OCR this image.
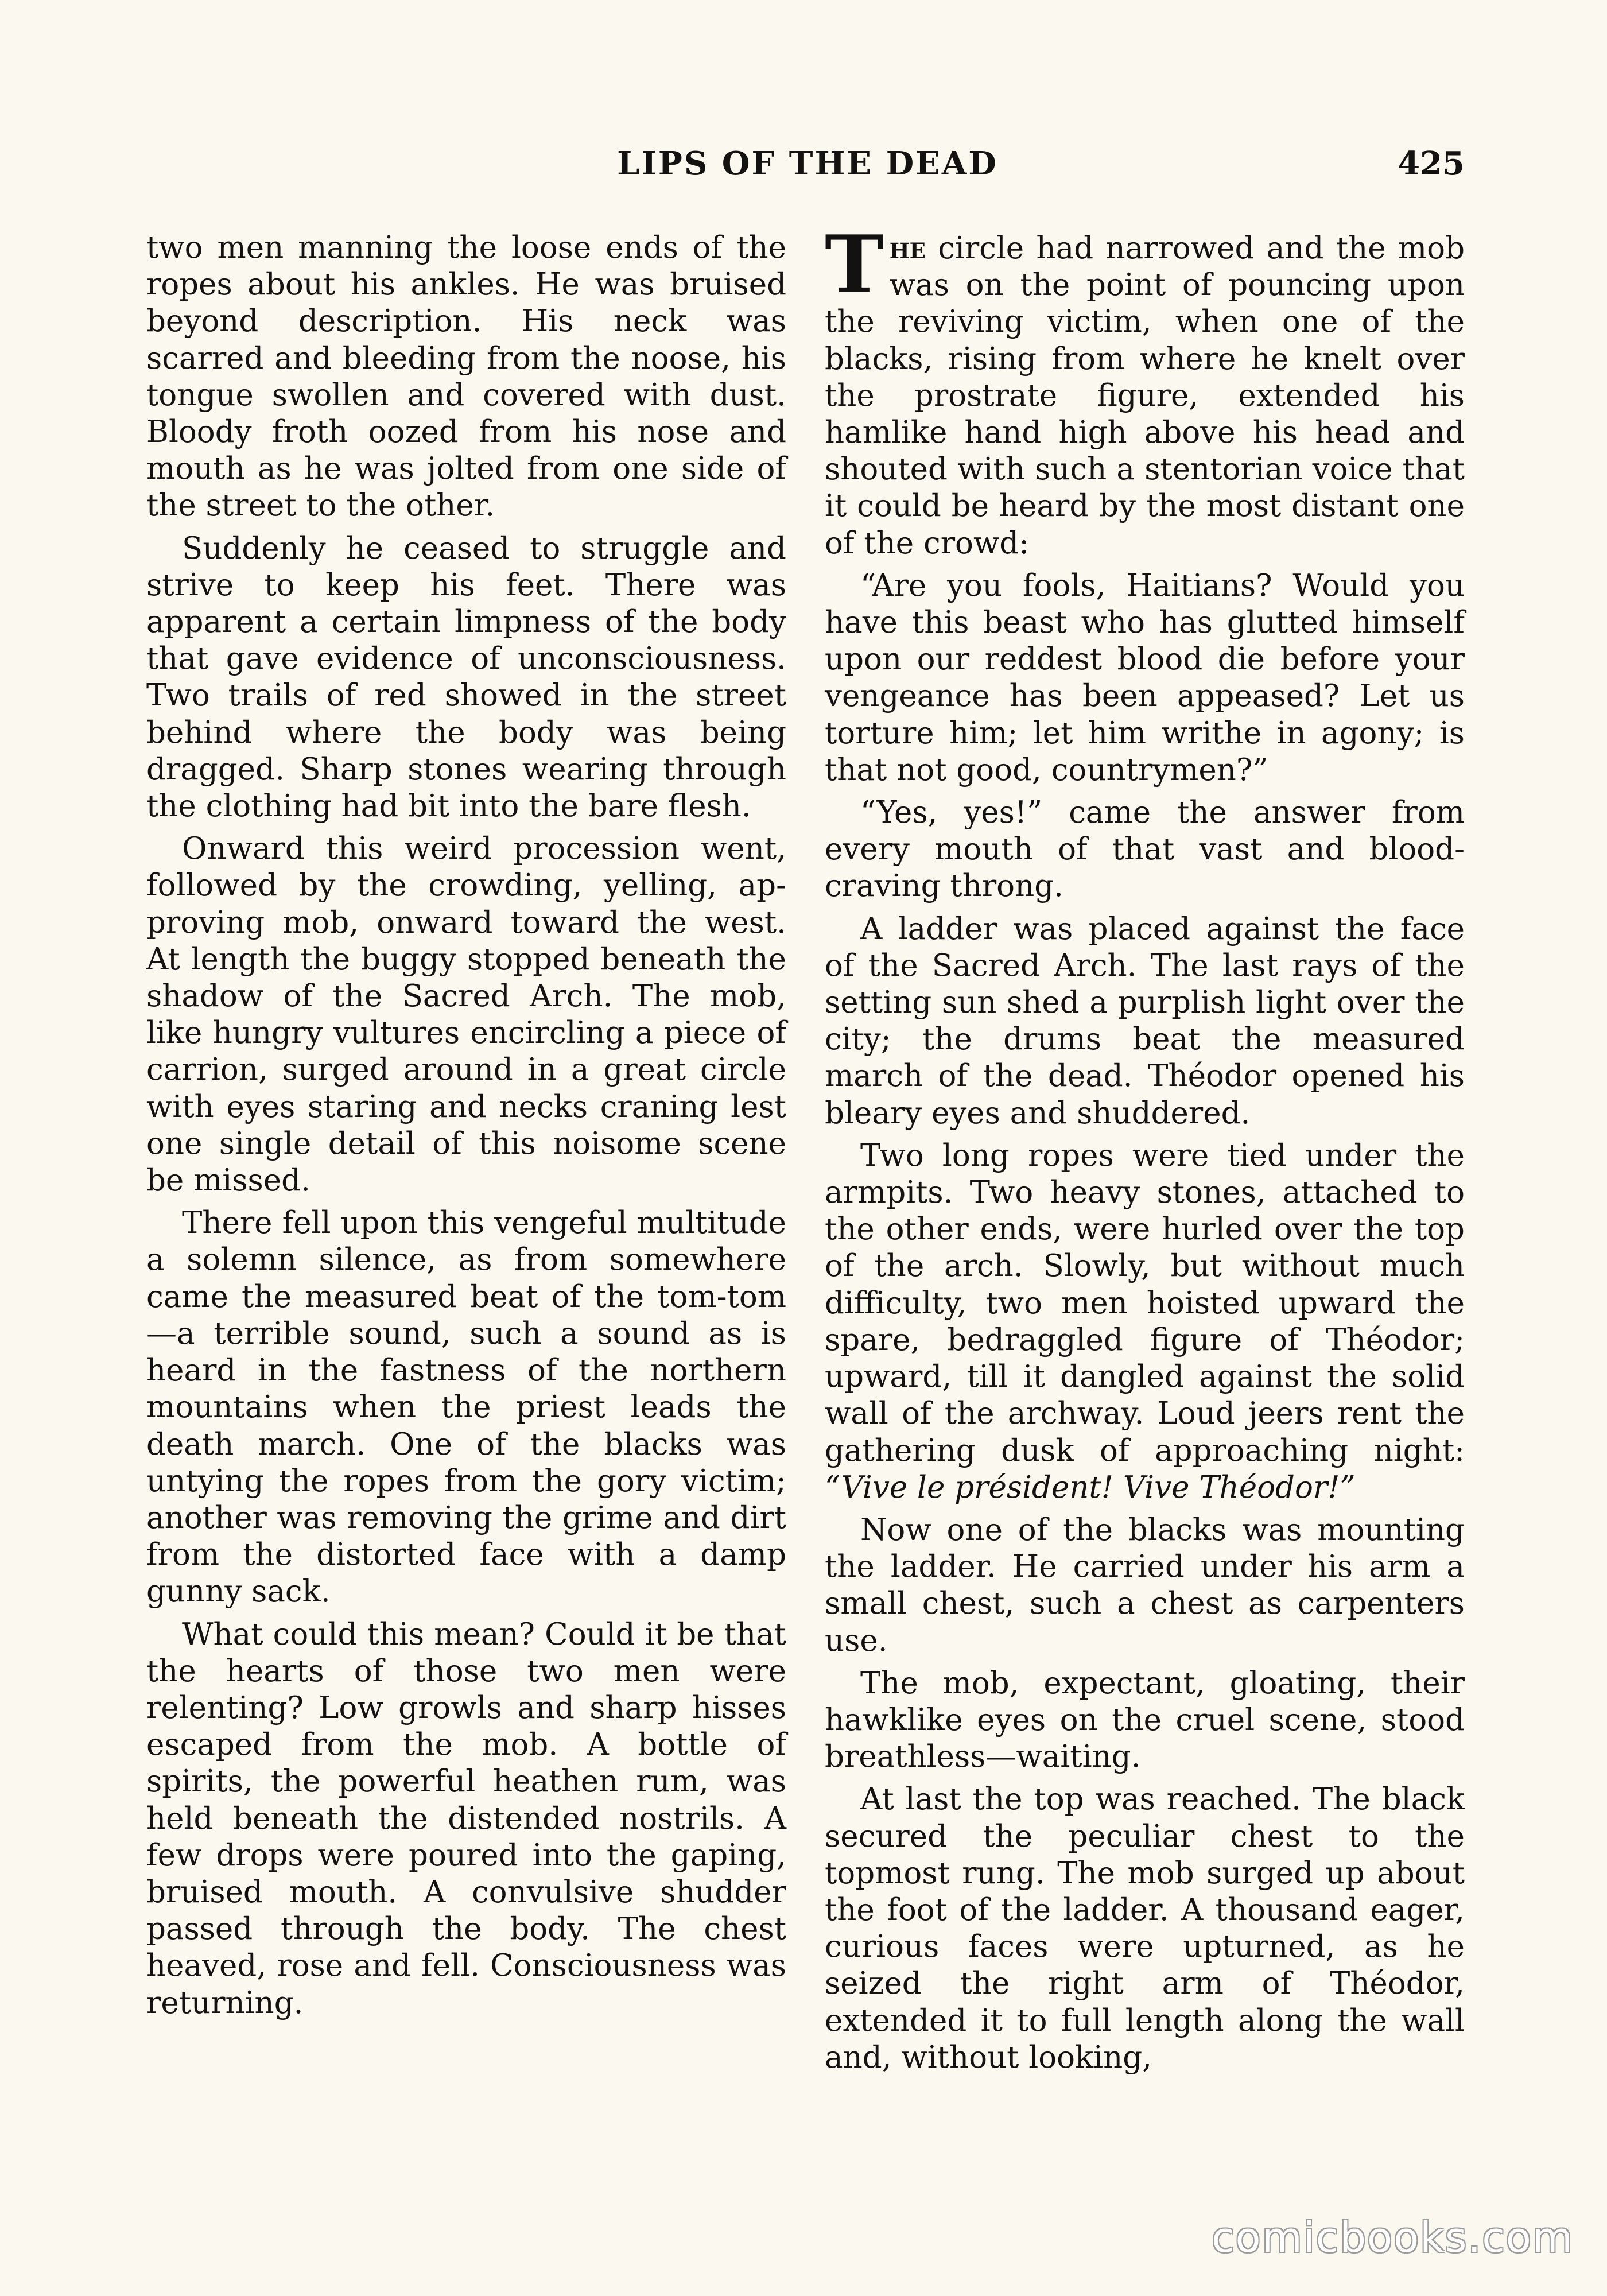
LIPS OF THE DEAD	425

two men manning the loose ends of the ropes about his ankles. He was bruised beyond description. His neck was scarred and bleeding from the noose, his tongue swollen and covered with dust. Bloody froth oozed from his nose and mouth as he was jolted from one side of the street to the other.

Suddenly he ceased to struggle and strive to keep his feet. There was apparent a certain limpness of the body that gave evidence of unconsciousness. Two trails of red showed in the street behind where the body was being dragged. Sharp stones wearing through the clothing had bit into the bare flesh.

Onward this weird procession went, followed by the crowding, yelling, approving mob, onward toward the west. At length the buggy stopped beneath the shadow of the Sacred Arch. The mob, like hungry vultures encircling a piece of carrion, surged around in a great circle with eyes staring and necks craning lest one single detail of this noisome scene be missed.

There fell upon this vengeful multitude a solemn silence, as from somewhere came the measured beat of the tom-tom—a terrible sound, such a sound as is heard in the fastness of the northern mountains when the priest leads the death march. One of the blacks was untying the ropes from the gory victim; another was removing the grime and dirt from the distorted face with a damp gunny sack.

What could this mean? Could it be that the hearts of those two men were relenting? Low growls and sharp hisses escaped from the mob. A bottle of spirits, the powerful heathen rum, was held beneath the distended nostrils. A few drops were poured into the gaping, bruised mouth. A convulsive shudder passed through the body. The chest heaved, rose and fell. Consciousness was returning.

The circle had narrowed and the mob was on the point of pouncing upon the reviving victim, when one of the blacks, rising from where he knelt over the prostrate figure, extended his hamlike hand high above his head and shouted with such a stentorian voice that it could be heard by the most distant one of the crowd:

“Are you fools, Haitians? Would you have this beast who has glutted himself upon our reddest blood die before your vengeance has been appeased? Let us torture him; let him writhe in agony; is that not good, countrymen?”

“Yes, yes!” came the answer from every mouth of that vast and blood-craving throng.

A ladder was placed against the face of the Sacred Arch. The last rays of the setting sun shed a purplish light over the city; the drums beat the measured march of the dead. Théodor opened his bleary eyes and shuddered.

Two long ropes were tied under the armpits. Two heavy stones, attached to the other ends, were hurled over the top of the arch. Slowly, but without much difficulty, two men hoisted upward the spare, bedraggled figure of Théodor; upward, till it dangled against the solid wall of the archway. Loud jeers rent the gathering dusk of approaching night: “Vive le président! Vive Théodor!”

Now one of the blacks was mounting the ladder. He carried under his arm a small chest, such a chest as carpenters use.

The mob, expectant, gloating, their hawklike eyes on the cruel scene, stood breathless—waiting.

At last the top was reached. The black secured the peculiar chest to the topmost rung. The mob surged up about the foot of the ladder. A thousand eager, curious faces were upturned, as he seized the right arm of Théodor, extended it to full length along the wall and, without looking,

comicbooks.com
